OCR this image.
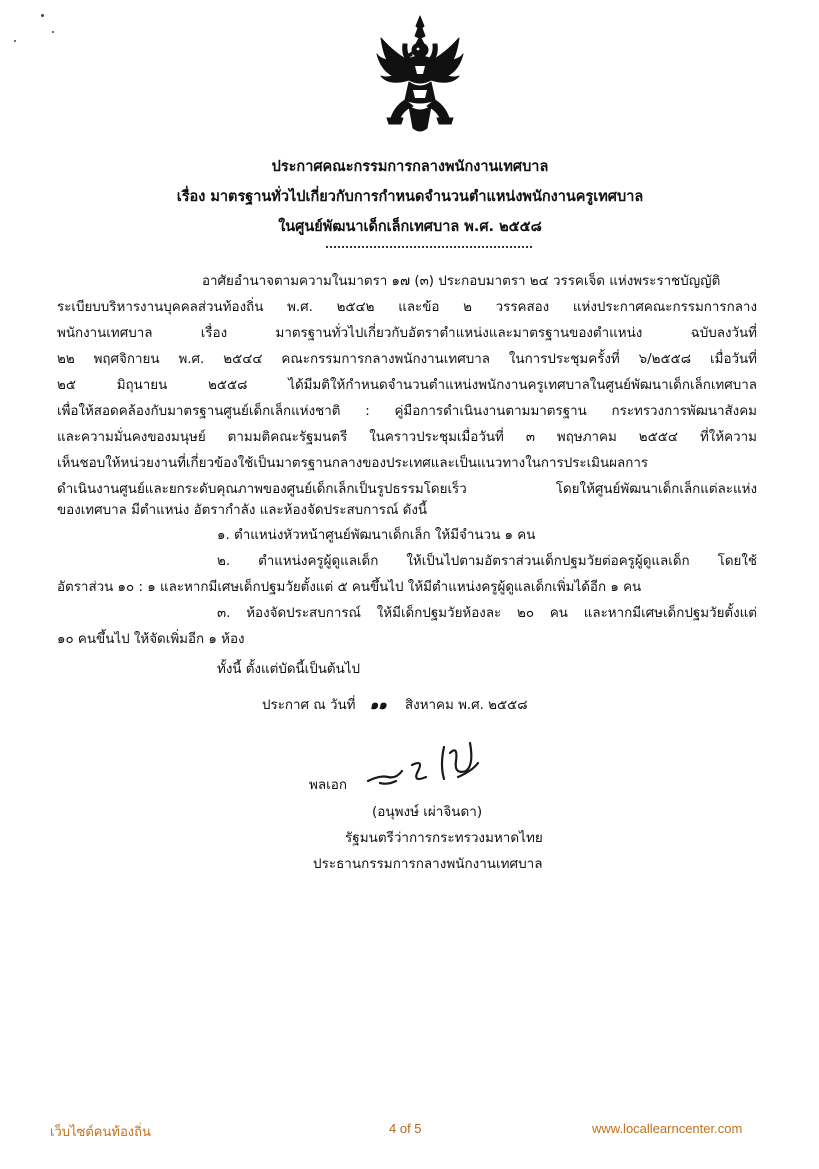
ประกาศคณะกรรมการกลางพนักงานเทศบาล
เรื่อง มาตรฐานทั่วไปเกี่ยวกับการกำหนดจำนวนตำแหน่งพนักงานครูเทศบาล
ในศูนย์พัฒนาเด็กเล็กเทศบาล พ.ศ. ๒๕๕๘
อาศัยอำนาจตามความในมาตรา ๑๗ (๓) ประกอบมาตรา ๒๔ วรรคเจ็ด แห่งพระราชบัญญัติ
ระเบียบบริหารงานบุคคลส่วนท้องถิ่น พ.ศ. ๒๕๔๒ และข้อ ๒ วรรคสอง แห่งประกาศคณะกรรมการกลาง
พนักงานเทศบาล เรื่อง มาตรฐานทั่วไปเกี่ยวกับอัตราตำแหน่งและมาตรฐานของตำแหน่ง ฉบับลงวันที่
๒๒ พฤศจิกายน พ.ศ. ๒๕๔๔ คณะกรรมการกลางพนักงานเทศบาล ในการประชุมครั้งที่ ๖/๒๕๕๘ เมื่อวันที่
๒๕ มิถุนายน ๒๕๕๘ ได้มีมติให้กำหนดจำนวนตำแหน่งพนักงานครูเทศบาลในศูนย์พัฒนาเด็กเล็กเทศบาล
เพื่อให้สอดคล้องกับมาตรฐานศูนย์เด็กเล็กแห่งชาติ : คู่มือการดำเนินงานตามมาตรฐาน กระทรวงการพัฒนาสังคม
และความมั่นคงของมนุษย์ ตามมติคณะรัฐมนตรี ในคราวประชุมเมื่อวันที่ ๓ พฤษภาคม ๒๕๕๔ ที่ให้ความ
เห็นชอบให้หน่วยงานที่เกี่ยวข้องใช้เป็นมาตรฐานกลางของประเทศและเป็นแนวทางในการประเมินผลการ
ดำเนินงานศูนย์และยกระดับคุณภาพของศูนย์เด็กเล็กเป็นรูปธรรมโดยเร็ว โดยให้ศูนย์พัฒนาเด็กเล็กแต่ละแห่ง
ของเทศบาล มีตำแหน่ง อัตรากำลัง และห้องจัดประสบการณ์ ดังนี้
๑. ตำแหน่งหัวหน้าศูนย์พัฒนาเด็กเล็ก ให้มีจำนวน ๑ คน
๒. ตำแหน่งครูผู้ดูแลเด็ก ให้เป็นไปตามอัตราส่วนเด็กปฐมวัยต่อครูผู้ดูแลเด็ก โดยใช้
อัตราส่วน ๑๐ : ๑ และหากมีเศษเด็กปฐมวัยตั้งแต่ ๕ คนขึ้นไป ให้มีตำแหน่งครูผู้ดูแลเด็กเพิ่มได้อีก ๑ คน
๓. ห้องจัดประสบการณ์ ให้มีเด็กปฐมวัยห้องละ ๒๐ คน และหากมีเศษเด็กปฐมวัยตั้งแต่
๑๐ คนขึ้นไป ให้จัดเพิ่มอีก ๑ ห้อง
ทั้งนี้ ตั้งแต่บัดนี้เป็นต้นไป
ประกาศ ณ วันที่ ๑๑ สิงหาคม พ.ศ. ๒๕๕๘
พลเอก
(อนุพงษ์ เผ่าจินดา)
รัฐมนตรีว่าการกระทรวงมหาดไทย
ประธานกรรมการกลางพนักงานเทศบาล
เว็บไซต์คนท้องถิ่น	4 of 5	www.locallearncenter.com
